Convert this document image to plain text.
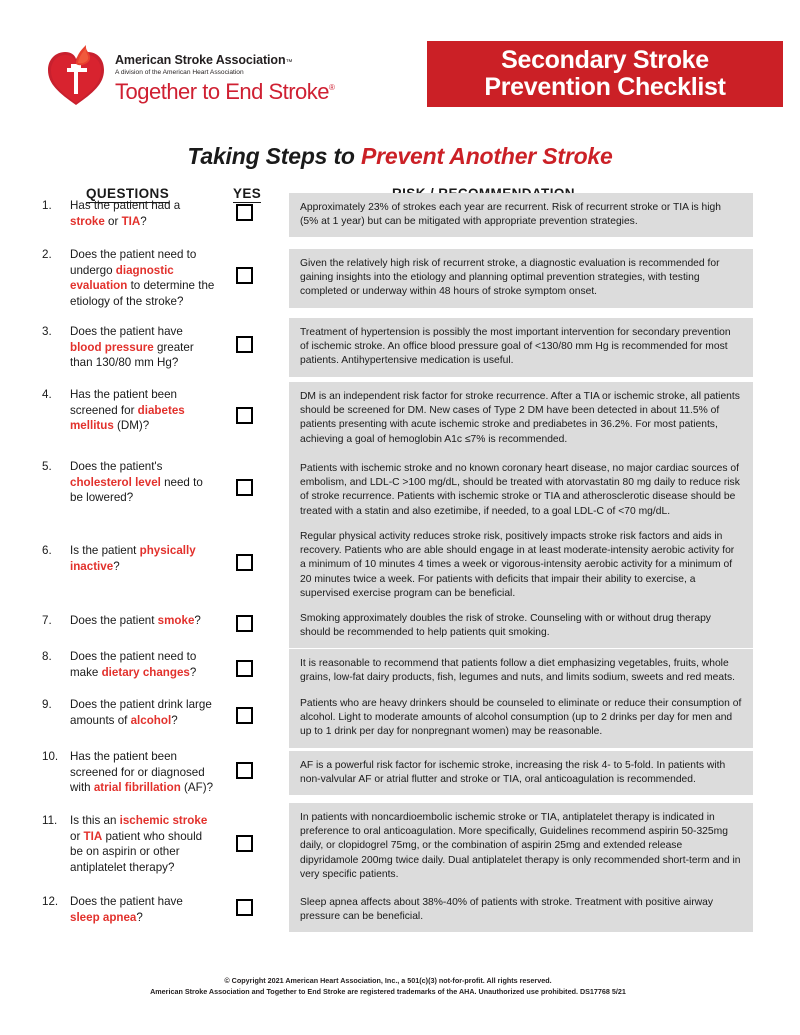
American Stroke Association™
A division of the American Heart Association
Together to End Stroke®
Secondary Stroke
Prevention Checklist
Taking Steps to Prevent Another Stroke
QUESTIONS	YES
1.	Has the patient had a stroke or TIA?
Approximately 23% of strokes each year are recurrent. Risk of recurrent stroke or TIA is high (5% at 1 year) but can be mitigated with appropriate prevention strategies.
2.	Does the patient need to undergo diagnostic evaluation to determine the etiology of the stroke?
Given the relatively high risk of recurrent stroke, a diagnostic evaluation is recommended for gaining insights into the etiology and planning optimal prevention strategies, with testing completed or underway within 48 hours of stroke symptom onset.
3.	Does the patient have blood pressure greater than 130/80 mm Hg?
Treatment of hypertension is possibly the most important intervention for secondary prevention of ischemic stroke. An office blood pressure goal of <130/80 mm Hg is recommended for most patients. Antihypertensive medication is useful.
4.	Has the patient been screened for diabetes mellitus (DM)?
DM is an independent risk factor for stroke recurrence. After a TIA or ischemic stroke, all patients should be screened for DM. New cases of Type 2 DM have been detected in about 11.5% of patients presenting with acute ischemic stroke and prediabetes in 36.2%. For most patients, achieving a goal of hemoglobin A1c ≤7% is recommended.
5.	Does the patient's cholesterol level need to be lowered?
Patients with ischemic stroke and no known coronary heart disease, no major cardiac sources of embolism, and LDL-C >100 mg/dL, should be treated with atorvastatin 80 mg daily to reduce risk of stroke recurrence. Patients with ischemic stroke or TIA and atherosclerotic disease should be treated with a statin and also ezetimibe, if needed, to a goal LDL-C of <70 mg/dL.
6.	Is the patient physically inactive?
Regular physical activity reduces stroke risk, positively impacts stroke risk factors and aids in recovery. Patients who are able should engage in at least moderate-intensity aerobic activity for a minimum of 10 minutes 4 times a week or vigorous-intensity aerobic activity for a minimum of 20 minutes twice a week. For patients with deficits that impair their ability to exercise, a supervised exercise program can be beneficial.
7.	Does the patient smoke?	Smoking approximately doubles the risk of stroke. Counseling with or without drug therapy should be recommended to help patients quit smoking.
8.	Does the patient need to make dietary changes?
It is reasonable to recommend that patients follow a diet emphasizing vegetables, fruits, whole grains, low-fat dairy products, fish, legumes and nuts, and limits sodium, sweets and red meats.
9.	Does the patient drink large amounts of alcohol?
Patients who are heavy drinkers should be counseled to eliminate or reduce their consumption of alcohol. Light to moderate amounts of alcohol consumption (up to 2 drinks per day for men and up to 1 drink per day for nonpregnant women) may be reasonable.
10.	Has the patient been screened for or diagnosed with atrial fibrillation (AF)?
AF is a powerful risk factor for ischemic stroke, increasing the risk 4- to 5-fold. In patients with non-valvular AF or atrial flutter and stroke or TIA, oral anticoagulation is recommended.
11.	Is this an ischemic stroke or TIA patient who should be on aspirin or other antiplatelet therapy?
In patients with noncardioembolic ischemic stroke or TIA, antiplatelet therapy is indicated in preference to oral anticoagulation. More specifically, Guidelines recommend aspirin 50-325mg daily, or clopidogrel 75mg, or the combination of aspirin 25mg and extended release dipyridamole 200mg twice daily. Dual antiplatelet therapy is only recommended short-term and in very specific patients.
12.	Does the patient have sleep apnea?
Sleep apnea affects about 38%-40% of patients with stroke. Treatment with positive airway pressure can be beneficial.
© Copyright 2021 American Heart Association, Inc., a 501(c)(3) not-for-profit. All rights reserved.
American Stroke Association and Together to End Stroke are registered trademarks of the AHA. Unauthorized use prohibited. DS17768 5/21
